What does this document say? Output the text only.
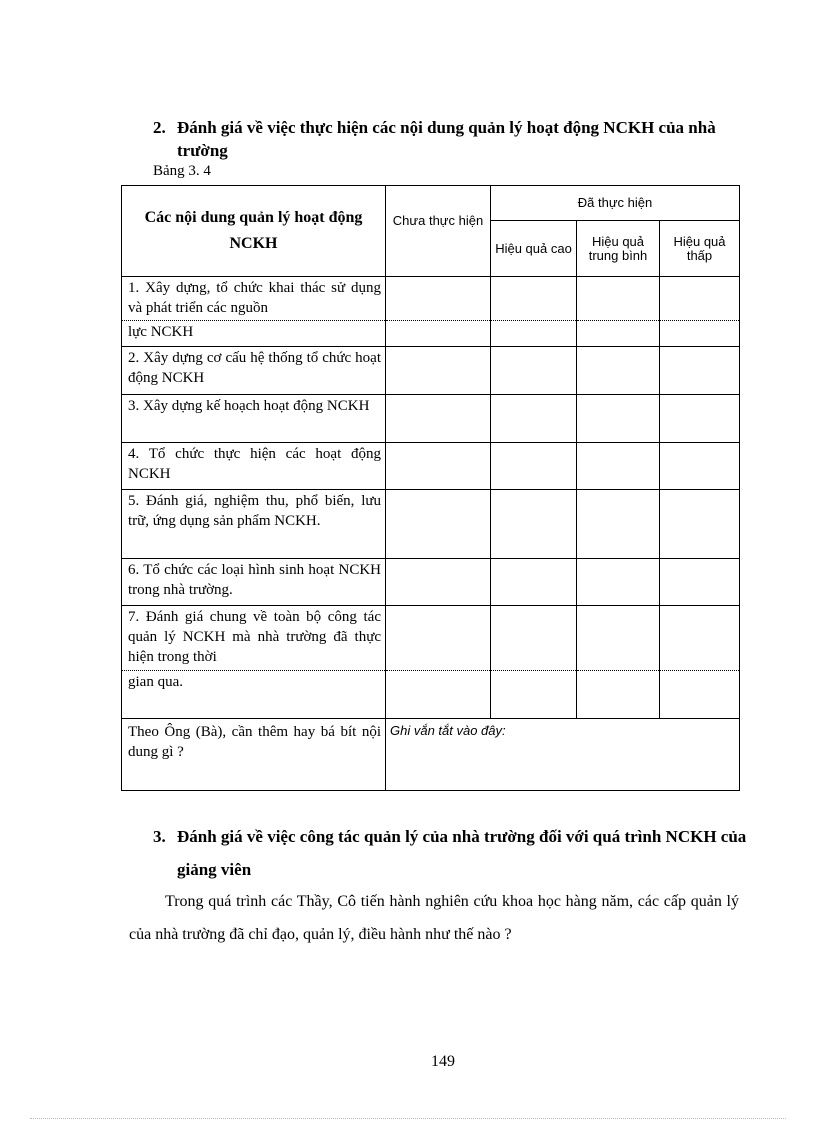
2. Đánh giá về việc thực hiện các nội dung quản lý hoạt động NCKH của nhà trường

Bảng 3. 4

Các nội dung quản lý hoạt động NCKH	Chưa thực hiện	Đã thực hiện		
		Hiệu quả cao	Hiệu quả trung bình	Hiệu quả thấp
1. Xây dựng, tổ chức khai thác sử dụng và phát triển các nguồn				
lực NCKH				
2. Xây dựng cơ cấu hệ thống tổ chức hoạt động NCKH				
3. Xây dựng kế hoạch hoạt động NCKH				
4. Tổ chức thực hiện các hoạt động NCKH				
5. Đánh giá, nghiệm thu, phổ biến, lưu trữ, ứng dụng sản phẩm NCKH.				
6. Tổ chức các loại hình sinh hoạt NCKH trong nhà trường.				
7. Đánh giá chung về toàn bộ công tác quản lý NCKH mà nhà trường đã thực hiện trong thời				
gian qua.				
Theo Ông (Bà), cần thêm hay bá bít nội dung gì ?	Ghi vắn tắt vào đây:			
3. Đánh giá về việc công tác quản lý của nhà trường đối với quá trình NCKH của giảng viên

Trong quá trình các Thầy, Cô tiến hành nghiên cứu khoa học hàng năm, các cấp quản lý của nhà trường đã chỉ đạo, quản lý, điều hành như thế nào ?

149
